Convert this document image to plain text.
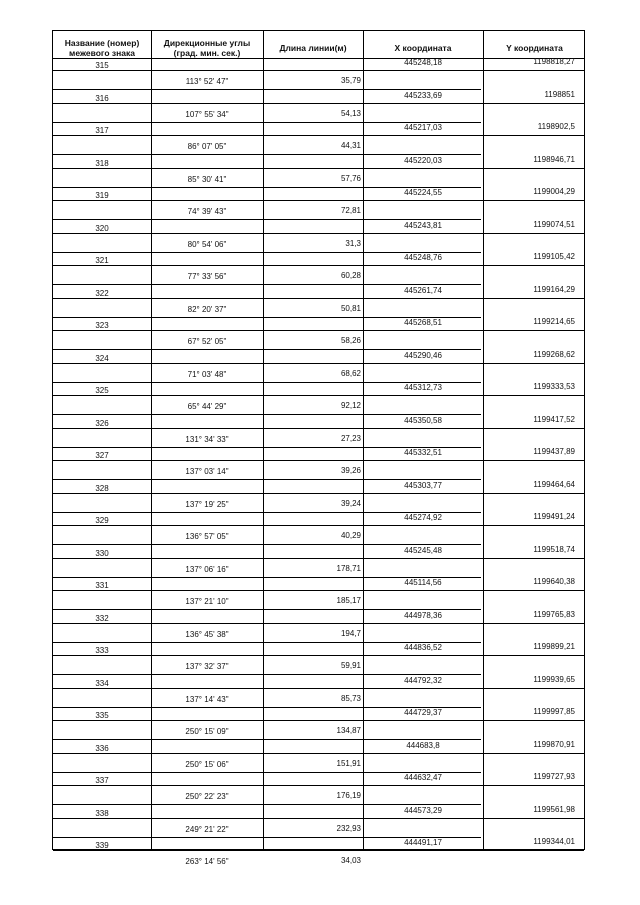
Название (номер) межевого знака
Дирекционные углы (град. мин. сек.)	Длина линии(м)	X координата	Y координата
315	445248,18	1198818,27
113° 52' 47"	35,79
316	445233,69	1198851
107° 55' 34"	54,13
317	445217,03	1198902,5
86° 07' 05"	44,31
318	445220,03	1198946,71
85° 30' 41"	57,76
319	445224,55	1199004,29
74° 39' 43"	72,81
320	445243,81	1199074,51
80° 54' 06"	31,3
321	445248,76	1199105,42
77° 33' 56"	60,28
322	445261,74	1199164,29
82° 20' 37"	50,81
323	445268,51	1199214,65
67° 52' 05"	58,26
324	445290,46	1199268,62
71° 03' 48"	68,62
325	445312,73	1199333,53
65° 44' 29"	92,12
326	445350,58	1199417,52
131° 34' 33"	27,23
327	445332,51	1199437,89
137° 03' 14"	39,26
328	445303,77	1199464,64
137° 19' 25"	39,24
329	445274,92	1199491,24
136° 57' 05"	40,29
330	445245,48	1199518,74
137° 06' 16"	178,71
331	445114,56	1199640,38
137° 21' 10"	185,17
332	444978,36	1199765,83
136° 45' 38"	194,7
333	444836,52	1199899,21
137° 32' 37"	59,91
334	444792,32	1199939,65
137° 14' 43"	85,73
335	444729,37	1199997,85
250° 15' 09"	134,87
336	444683,8	1199870,91
250° 15' 06"	151,91
337	444632,47	1199727,93
250° 22' 23"	176,19
338	444573,29	1199561,98
249° 21' 22"	232,93
339	444491,17	1199344,01
263° 14' 56"	34,03
